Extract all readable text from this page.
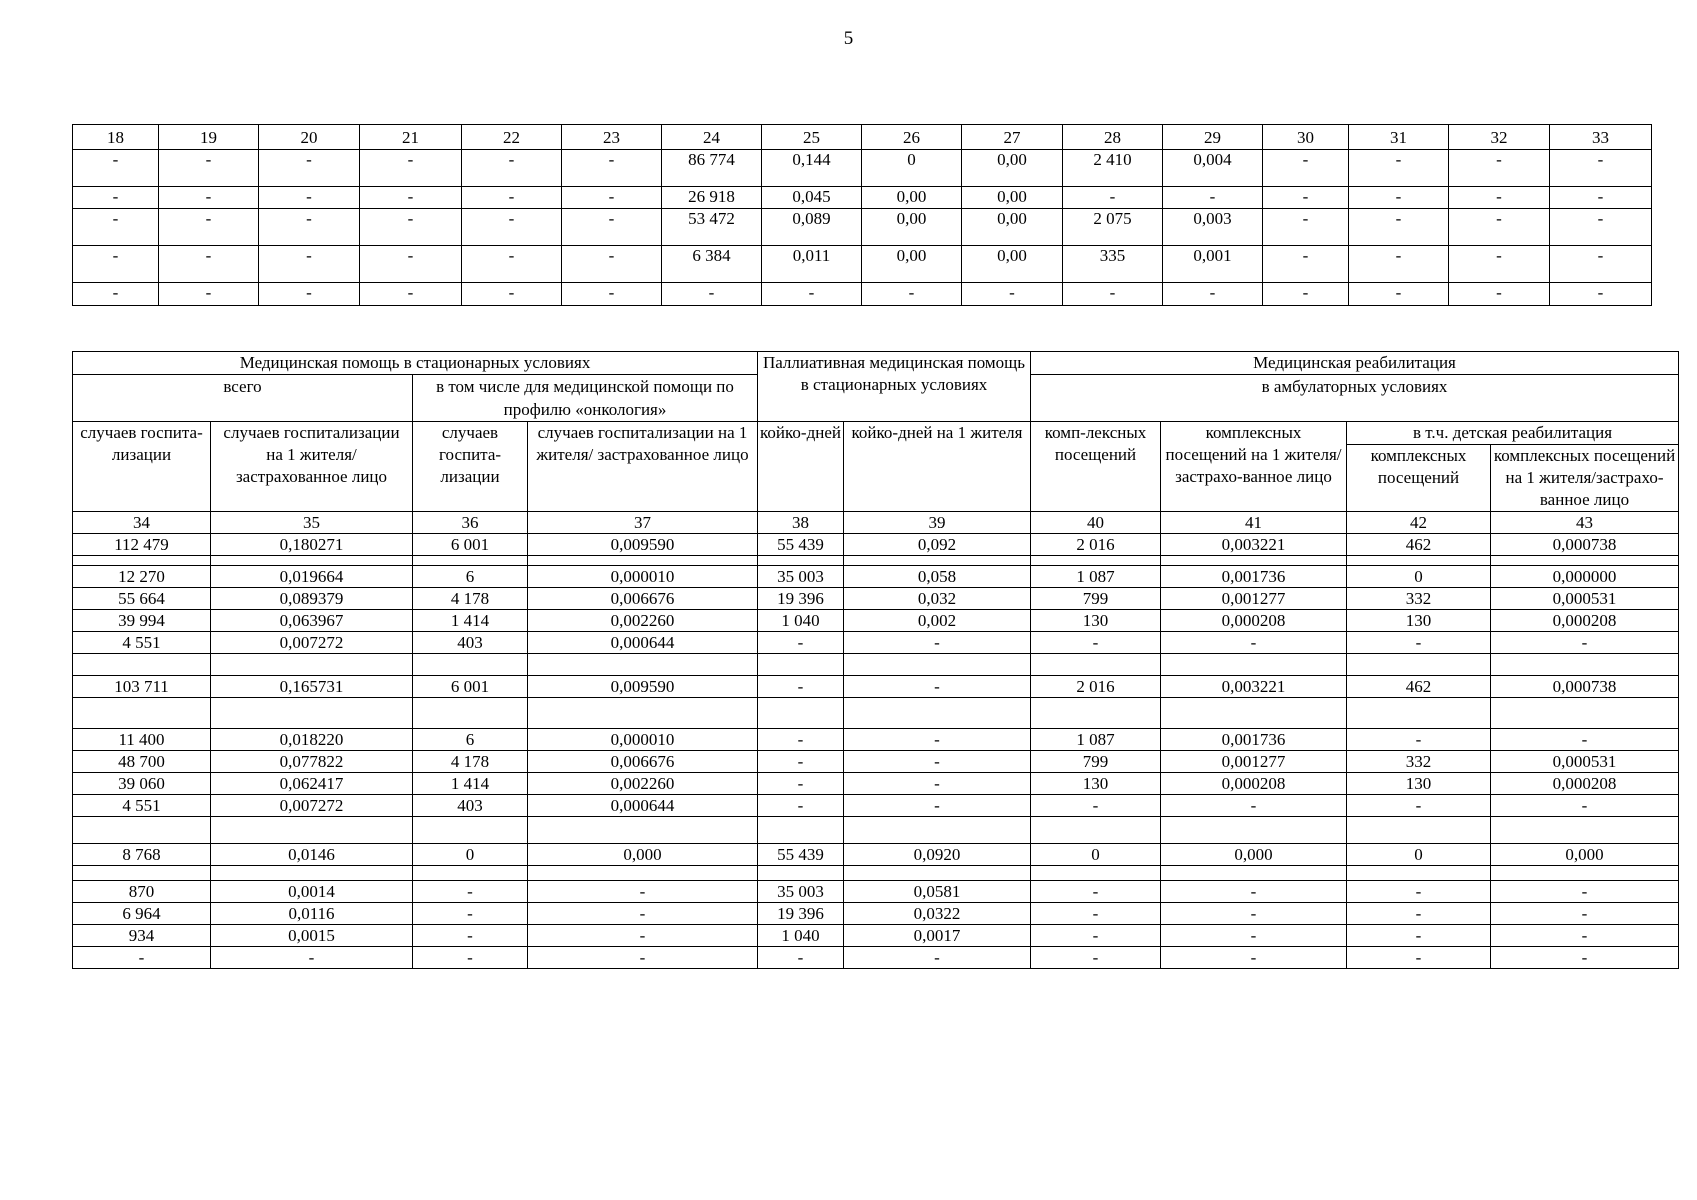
5
18	19	20	21	22	23	24	25	26	27	28	29	30	31	32	33
-	-	-	-	-	-	86 774	0,144	0	0,00	2 410	0,004	-	-	-	-
-	-	-	-	-	-	26 918	0,045	0,00	0,00	-	-	-	-	-	-
-	-	-	-	-	-	53 472	0,089	0,00	0,00	2 075	0,003	-	-	-	-
-	-	-	-	-	-	6 384	0,011	0,00	0,00	335	0,001	-	-	-	-
-	-	-	-	-	-	-	-	-	-	-	-	-	-	-	-
Медицинская помощь в стационарных условиях				Паллиативная медицинская помощь в стационарных условиях		Медицинская реабилитация			
всего		в том числе для медицинской помощи по профилю «онкология»				в амбулаторных условиях			
случаев госпита-лизации	случаев госпитализации на 1 жителя/ застрахованное лицо	случаев госпита-лизации	случаев госпитализации на 1 жителя/ застрахованное лицо	койко-дней	койко-дней на 1 жителя	комп-лексных посещений	комплексных посещений на 1 жителя/застрахо-ванное лицо	в т.ч. детская реабилитация	
								комплексных посещений	комплексных посещений на 1 жителя/застрахо-ванное лицо
34	35	36	37	38	39	40	41	42	43
112 479	0,180271	6 001	0,009590	55 439	0,092	2 016	0,003221	462	0,000738

12 270	0,019664	6	0,000010	35 003	0,058	1 087	0,001736	0	0,000000
55 664	0,089379	4 178	0,006676	19 396	0,032	799	0,001277	332	0,000531
39 994	0,063967	1 414	0,002260	1 040	0,002	130	0,000208	130	0,000208
4 551	0,007272	403	0,000644	-	-	-	-	-	-

103 711	0,165731	6 001	0,009590	-	-	2 016	0,003221	462	0,000738

11 400	0,018220	6	0,000010	-	-	1 087	0,001736	-	-
48 700	0,077822	4 178	0,006676	-	-	799	0,001277	332	0,000531
39 060	0,062417	1 414	0,002260	-	-	130	0,000208	130	0,000208
4 551	0,007272	403	0,000644	-	-	-	-	-	-

8 768	0,0146	0	0,000	55 439	0,0920	0	0,000	0	0,000

870	0,0014	-	-	35 003	0,0581	-	-	-	-
6 964	0,0116	-	-	19 396	0,0322	-	-	-	-
934	0,0015	-	-	1 040	0,0017	-	-	-	-
-	-	-	-	-	-	-	-	-	-
